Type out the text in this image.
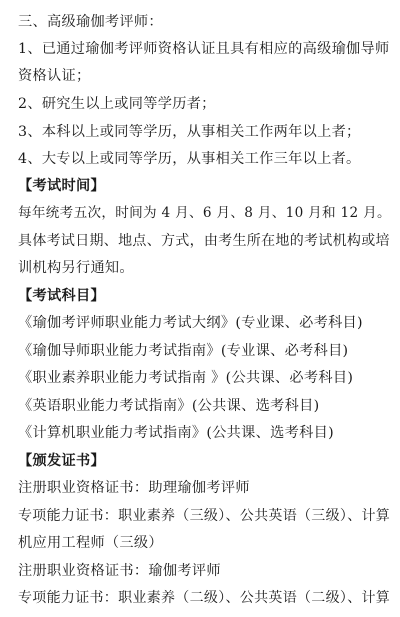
三、高级瑜伽考评师：
1、已通过瑜伽考评师资格认证且具有相应的高级瑜伽导师
资格认证；
2、研究生以上或同等学历者；
3、本科以上或同等学历，从事相关工作两年以上者；
4、大专以上或同等学历，从事相关工作三年以上者。
【考试时间】
每年统考五次，时间为 4 月、6 月、8 月、10 月和 12 月。
具体考试日期、地点、方式，由考生所在地的考试机构或培
训机构另行通知。
【考试科目】
《瑜伽考评师职业能力考试大纲》(专业课、必考科目)
《瑜伽导师职业能力考试指南》(专业课、必考科目)
《职业素养职业能力考试指南 》(公共课、必考科目)
《英语职业能力考试指南》(公共课、选考科目)
《计算机职业能力考试指南》(公共课、选考科目)
【颁发证书】
注册职业资格证书：助理瑜伽考评师
专项能力证书：职业素养（三级）、公共英语（三级）、计算
机应用工程师（三级）
注册职业资格证书：瑜伽考评师
专项能力证书：职业素养（二级）、公共英语（二级）、计算
